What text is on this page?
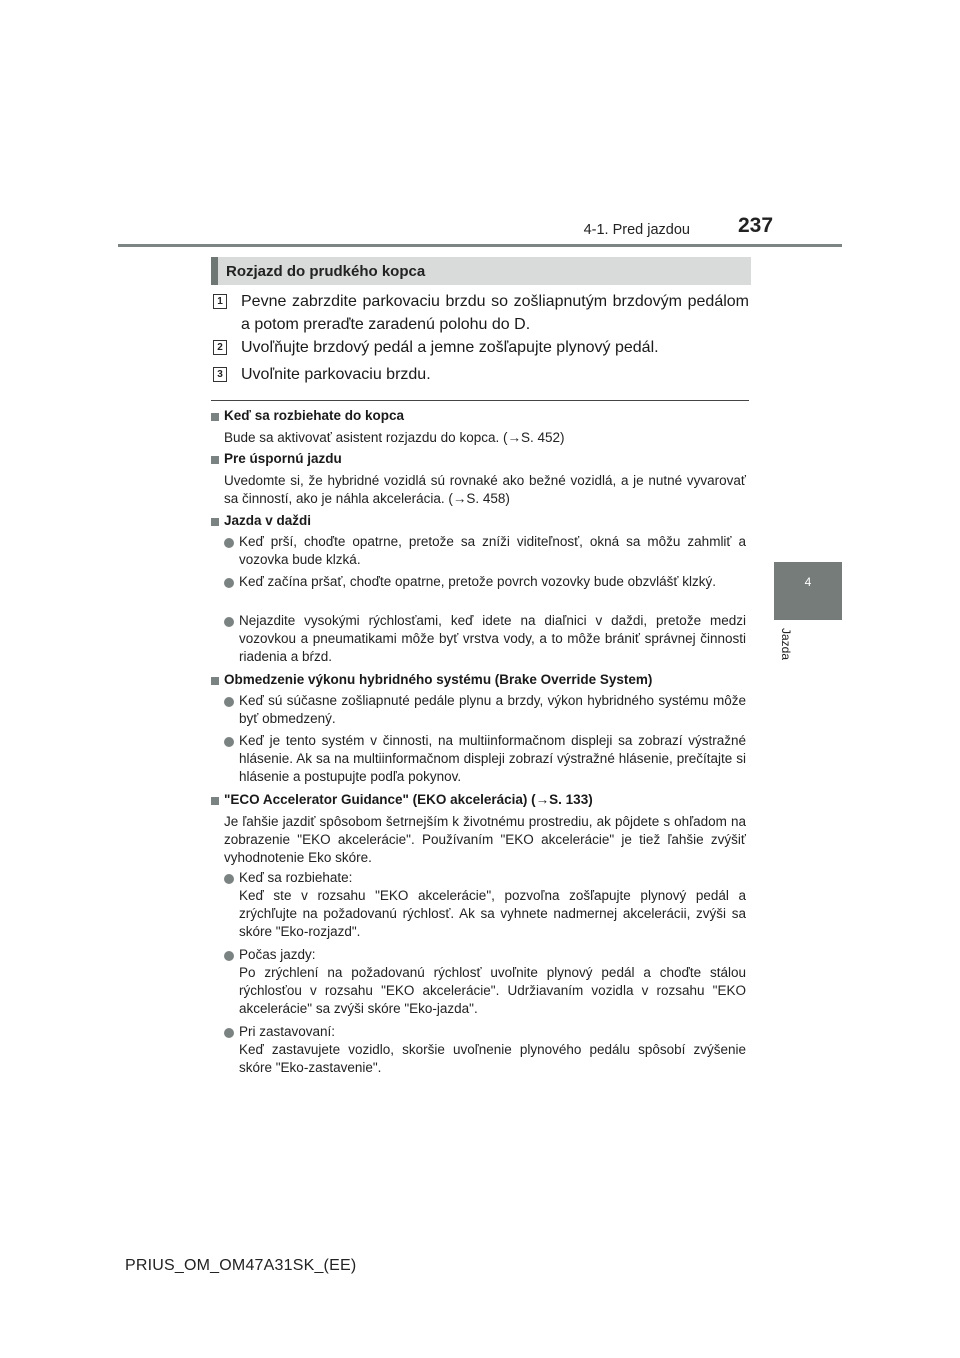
4-1. Pred jazdou 237
4
Jazda
Rozjazd do prudkého kopca
1 Pevne zabrzdite parkovaciu brzdu so zošliapnutým brzdovým pedálom a potom preraďte zaradenú polohu do D.
2 Uvoľňujte brzdový pedál a jemne zošľapujte plynový pedál.
3 Uvoľnite parkovaciu brzdu.
Keď sa rozbiehate do kopca
Bude sa aktivovať asistent rozjazdu do kopca. (→S. 452)
Pre úspornú jazdu
Uvedomte si, že hybridné vozidlá sú rovnaké ako bežné vozidlá, a je nutné vyvarovať sa činností, ako je náhla akcelerácia. (→S. 458)
Jazda v daždi
Keď prší, choďte opatrne, pretože sa zníži viditeľnosť, okná sa môžu zahmliť a vozovka bude klzká.
Keď začína pršať, choďte opatrne, pretože povrch vozovky bude obzvlášť klzký.
Nejazdite vysokými rýchlosťami, keď idete na diaľnici v daždi, pretože medzi vozovkou a pneumatikami môže byť vrstva vody, a to môže brániť správnej činnosti riadenia a bŕzd.
Obmedzenie výkonu hybridného systému (Brake Override System)
Keď sú súčasne zošliapnuté pedále plynu a brzdy, výkon hybridného systému môže byť obmedzený.
Keď je tento systém v činnosti, na multiinformačnom displeji sa zobrazí výstražné hlásenie. Ak sa na multiinformačnom displeji zobrazí výstražné hlásenie, prečítajte si hlásenie a postupujte podľa pokynov.
"ECO Accelerator Guidance" (EKO akcelerácia) (→S. 133)
Je ľahšie jazdiť spôsobom šetrnejším k životnému prostrediu, ak pôjdete s ohľadom na zobrazenie "EKO akcelerácie". Používaním "EKO akcelerácie" je tiež ľahšie zvýšiť vyhodnotenie Eko skóre.
Keď sa rozbiehate:
Keď ste v rozsahu "EKO akcelerácie", pozvoľna zošľapujte plynový pedál a zrýchľujte na požadovanú rýchlosť. Ak sa vyhnete nadmernej akcelerácii, zvýši sa skóre "Eko-rozjazd".
Počas jazdy:
Po zrýchlení na požadovanú rýchlosť uvoľnite plynový pedál a choďte stálou rýchlosťou v rozsahu "EKO akcelerácie". Udržiavaním vozidla v rozsahu "EKO akcelerácie" sa zvýši skóre "Eko-jazda".
Pri zastavovaní:
Keď zastavujete vozidlo, skoršie uvoľnenie plynového pedálu spôsobí zvýšenie skóre "Eko-zastavenie".
PRIUS_OM_OM47A31SK_(EE)
